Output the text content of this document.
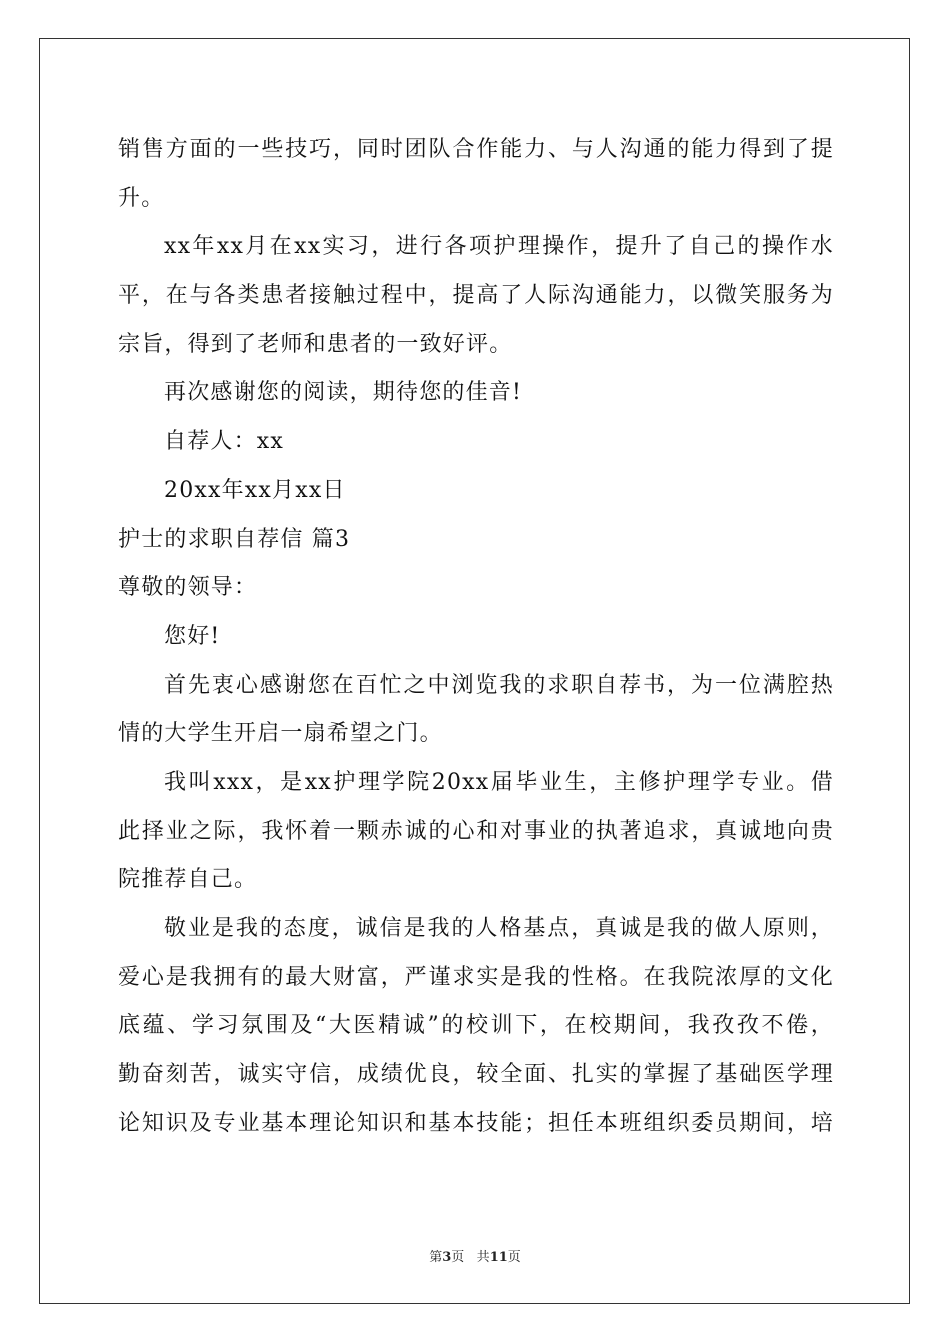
销售方面的一些技巧，同时团队合作能力、与人沟通的能力得到了提
升。
xx年xx月在xx实习，进行各项护理操作，提升了自己的操作水
平，在与各类患者接触过程中，提高了人际沟通能力，以微笑服务为
宗旨，得到了老师和患者的一致好评。
再次感谢您的阅读，期待您的佳音!
自荐人：xx
20xx年xx月xx日
护士的求职自荐信 篇3
尊敬的领导：
您好!
首先衷心感谢您在百忙之中浏览我的求职自荐书，为一位满腔热
情的大学生开启一扇希望之门。
我叫xxx，是xx护理学院20xx届毕业生，主修护理学专业。借
此择业之际，我怀着一颗赤诚的心和对事业的执著追求，真诚地向贵
院推荐自己。
敬业是我的态度，诚信是我的人格基点，真诚是我的做人原则，
爱心是我拥有的最大财富，严谨求实是我的性格。在我院浓厚的文化
底蕴、学习氛围及“大医精诚”的校训下，在校期间，我孜孜不倦，
勤奋刻苦，诚实守信，成绩优良，较全面、扎实的掌握了基础医学理
论知识及专业基本理论知识和基本技能；担任本班组织委员期间，培
第3页 共11页
